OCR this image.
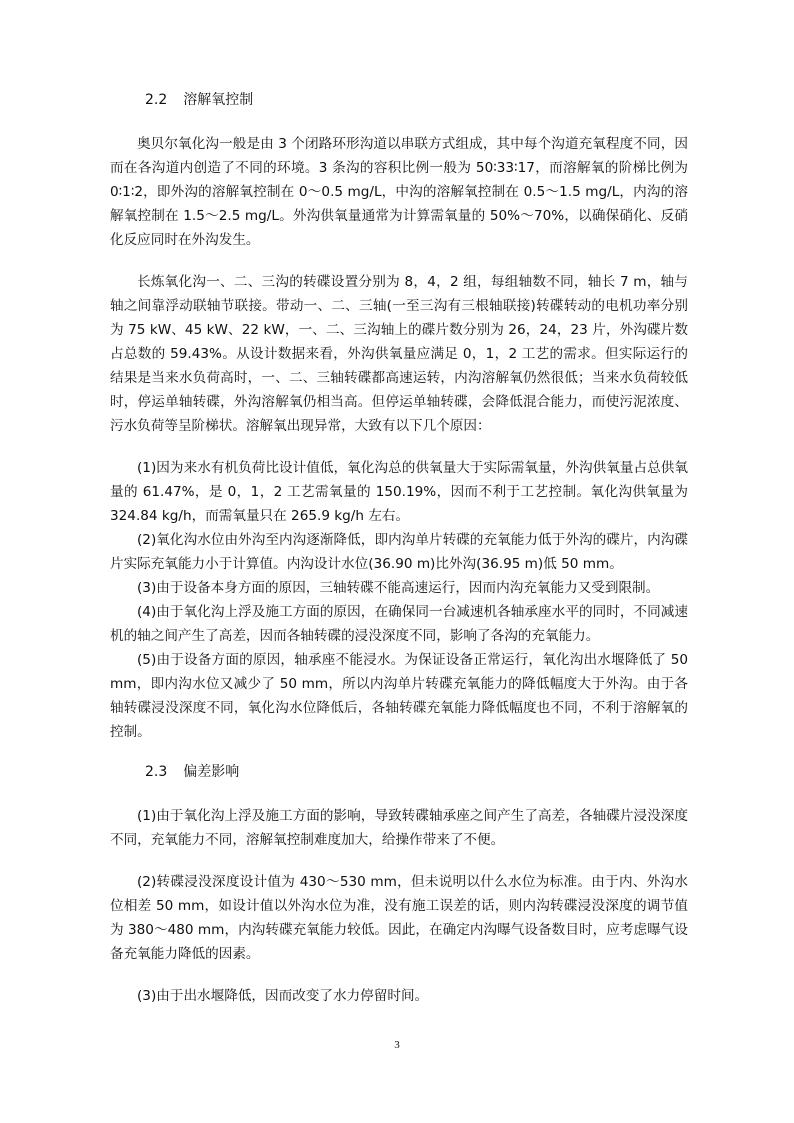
2.2 溶解氧控制

奥贝尔氧化沟一般是由 3 个闭路环形沟道以串联方式组成，其中每个沟道充氧程度不同，因而在各沟道内创造了不同的环境。3 条沟的容积比例一般为 50∶33∶17，而溶解氧的阶梯比例为 0∶1∶2，即外沟的溶解氧控制在 0～0.5 mg/L，中沟的溶解氧控制在 0.5～1.5 mg/L，内沟的溶解氧控制在 1.5～2.5 mg/L。外沟供氧量通常为计算需氧量的 50%～70%，以确保硝化、反硝化反应同时在外沟发生。

长炼氧化沟一、二、三沟的转碟设置分别为 8，4，2 组，每组轴数不同，轴长 7 m，轴与轴之间靠浮动联轴节联接。带动一、二、三轴(一至三沟有三根轴联接)转碟转动的电机功率分别为 75 kW、45 kW、22 kW，一、二、三沟轴上的碟片数分别为 26，24，23 片，外沟碟片数占总数的 59.43%。从设计数据来看，外沟供氧量应满足 0，1，2 工艺的需求。但实际运行的结果是当来水负荷高时，一、二、三轴转碟都高速运转，内沟溶解氧仍然很低；当来水负荷较低时，停运单轴转碟，外沟溶解氧仍相当高。但停运单轴转碟，会降低混合能力，而使污泥浓度、污水负荷等呈阶梯状。溶解氧出现异常，大致有以下几个原因：

(1)因为来水有机负荷比设计值低，氧化沟总的供氧量大于实际需氧量，外沟供氧量占总供氧量的 61.47%，是 0，1，2 工艺需氧量的 150.19%，因而不利于工艺控制。氧化沟供氧量为 324.84 kg/h，而需氧量只在 265.9 kg/h 左右。

(2)氧化沟水位由外沟至内沟逐渐降低，即内沟单片转碟的充氧能力低于外沟的碟片，内沟碟片实际充氧能力小于计算值。内沟设计水位(36.90 m)比外沟(36.95 m)低 50 mm。

(3)由于设备本身方面的原因，三轴转碟不能高速运行，因而内沟充氧能力又受到限制。

(4)由于氧化沟上浮及施工方面的原因，在确保同一台减速机各轴承座水平的同时，不同减速机的轴之间产生了高差，因而各轴转碟的浸没深度不同，影响了各沟的充氧能力。

(5)由于设备方面的原因，轴承座不能浸水。为保证设备正常运行，氧化沟出水堰降低了 50 mm，即内沟水位又减少了 50 mm，所以内沟单片转碟充氧能力的降低幅度大于外沟。由于各轴转碟浸没深度不同，氧化沟水位降低后，各轴转碟充氧能力降低幅度也不同，不利于溶解氧的控制。

2.3 偏差影响

(1)由于氧化沟上浮及施工方面的影响，导致转碟轴承座之间产生了高差，各轴碟片浸没深度不同，充氧能力不同，溶解氧控制难度加大，给操作带来了不便。

(2)转碟浸没深度设计值为 430～530 mm，但未说明以什么水位为标准。由于内、外沟水位相差 50 mm，如设计值以外沟水位为准，没有施工误差的话，则内沟转碟浸没深度的调节值为 380～480 mm，内沟转碟充氧能力较低。因此，在确定内沟曝气设备数目时，应考虑曝气设备充氧能力降低的因素。

(3)由于出水堰降低，因而改变了水力停留时间。

3
